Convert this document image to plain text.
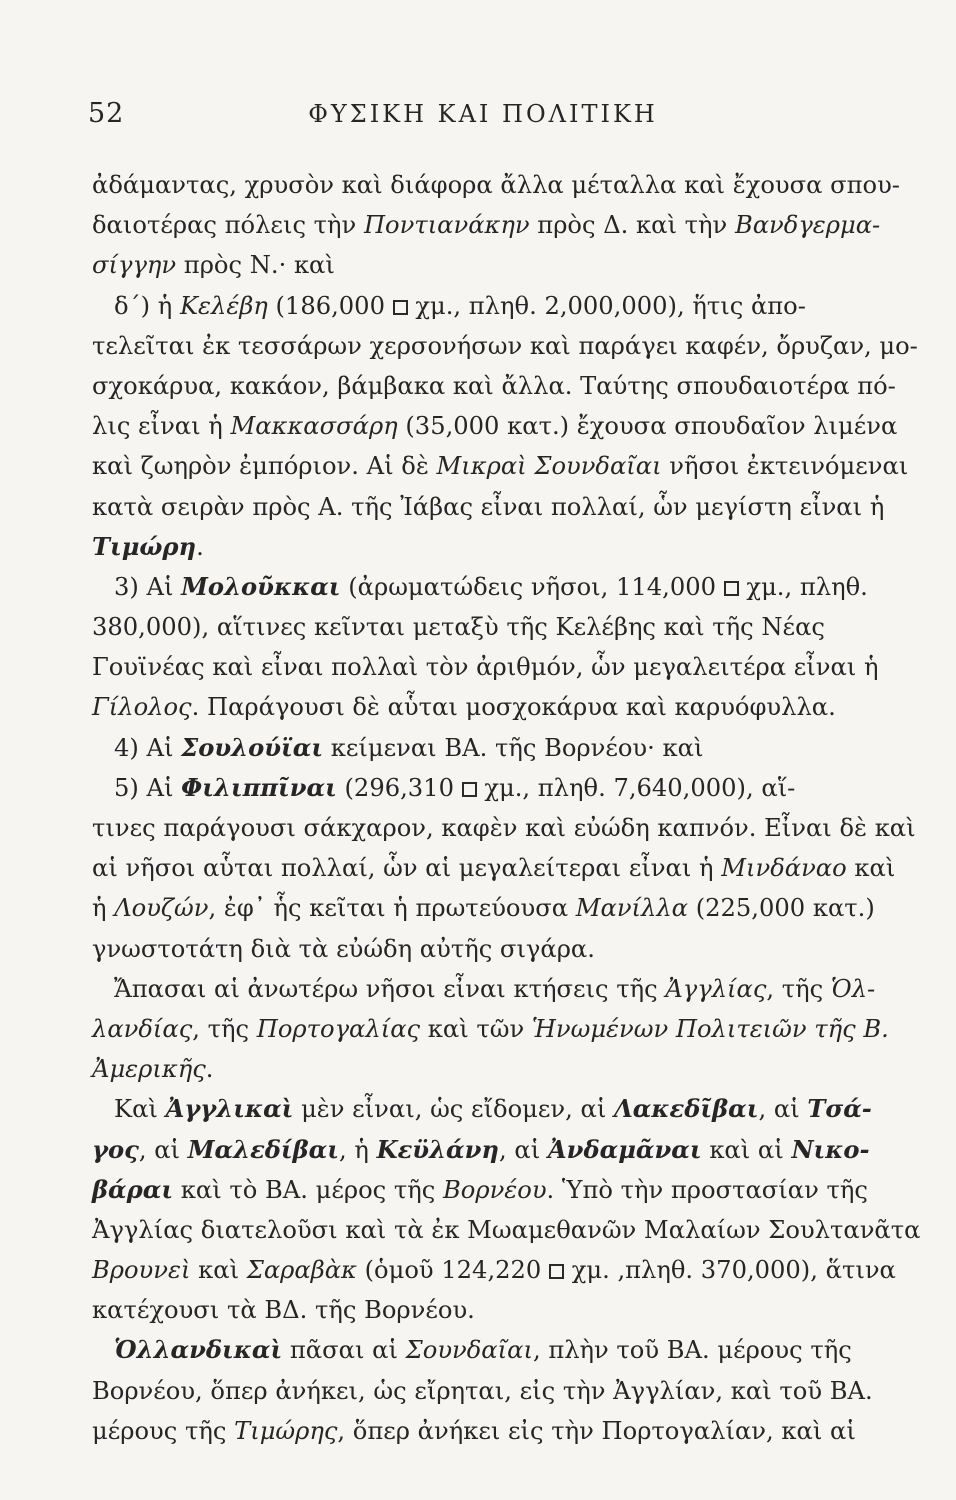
52	ΦΥΣΙΚΗ ΚΑΙ ΠΟΛΙΤΙΚΗ
ἀδάμαντας, χρυσὸν καὶ διάφορα ἄλλα μέταλλα καὶ ἔχουσα σπου-
δαιοτέρας πόλεις τὴν Ποντιανάκην πρὸς Δ. καὶ τὴν Βανδγερμα-
σίγγην πρὸς Ν.· καὶ
δ΄) ἡ Κελέβη (186,000  χμ., πληθ. 2,000,000), ἥτις ἀπο-
τελεῖται ἐκ τεσσάρων χερσονήσων καὶ παράγει καφέν, ὄρυζαν, μο-
σχοκάρυα, κακάον, βάμβακα καὶ ἄλλα. Ταύτης σπουδαιοτέρα πό-
λις εἶναι ἡ Μακκασσάρη (35,000 κατ.) ἔχουσα σπουδαῖον λιμένα
καὶ ζωηρὸν ἐμπόριον. Αἱ δὲ Μικραὶ Σουνδαῖαι νῆσοι ἐκτεινόμεναι
κατὰ σειρὰν πρὸς Α. τῆς Ἰάβας εἶναι πολλαί, ὧν μεγίστη εἶναι ἡ
Τιμώρη.
3) Αἱ Μολοῦκκαι (ἀρωματώδεις νῆσοι, 114,000  χμ., πληθ.
380,000), αἵτινες κεῖνται μεταξὺ τῆς Κελέβης καὶ τῆς Νέας
Γουϊνέας καὶ εἶναι πολλαὶ τὸν ἀριθμόν, ὧν μεγαλειτέρα εἶναι ἡ
Γίλολος. Παράγουσι δὲ αὗται μοσχοκάρυα καὶ καρυόφυλλα.
4) Αἱ Σουλούϊαι κείμεναι ΒΑ. τῆς Βορνέου· καὶ
5) Αἱ Φιλιππῖναι (296,310  χμ., πληθ. 7,640,000), αἵ-
τινες παράγουσι σάκχαρον, καφὲν καὶ εὐώδη καπνόν. Εἶναι δὲ καὶ
αἱ νῆσοι αὗται πολλαί, ὧν αἱ μεγαλείτεραι εἶναι ἡ Μινδάναο καὶ
ἡ Λουζών, ἐφ᾽ ἧς κεῖται ἡ πρωτεύουσα Μανίλλα (225,000 κατ.)
γνωστοτάτη διὰ τὰ εὐώδη αὐτῆς σιγάρα.
Ἄπασαι αἱ ἀνωτέρω νῆσοι εἶναι κτήσεις τῆς Ἀγγλίας, τῆς Ὁλ-
λανδίας, τῆς Πορτογαλίας καὶ τῶν Ἡνωμένων Πολιτειῶν τῆς Β.
Ἀμερικῆς.
Καὶ Ἀγγλικαὶ μὲν εἶναι, ὡς εἴδομεν, αἱ Λακεδῖβαι, αἱ Τσά-
γος, αἱ Μαλεδίβαι, ἡ Κεϋλάνη, αἱ Ἀνδαμᾶναι καὶ αἱ Νικο-
βάραι καὶ τὸ ΒΑ. μέρος τῆς Βορνέου. Ὑπὸ τὴν προστασίαν τῆς
Ἀγγλίας διατελοῦσι καὶ τὰ ἐκ Μωαμεθανῶν Μαλαίων Σουλτανᾶτα
Βρουνεὶ καὶ Σαραβὰκ (ὁμοῦ 124,220  χμ. ,πληθ. 370,000), ἅτινα
κατέχουσι τὰ ΒΔ. τῆς Βορνέου.
Ὁλλανδικαὶ πᾶσαι αἱ Σουνδαῖαι, πλὴν τοῦ ΒΑ. μέρους τῆς
Βορνέου, ὅπερ ἀνήκει, ὡς εἴρηται, εἰς τὴν Ἀγγλίαν, καὶ τοῦ ΒΑ.
μέρους τῆς Τιμώρης, ὅπερ ἀνήκει εἰς τὴν Πορτογαλίαν, καὶ αἱ
